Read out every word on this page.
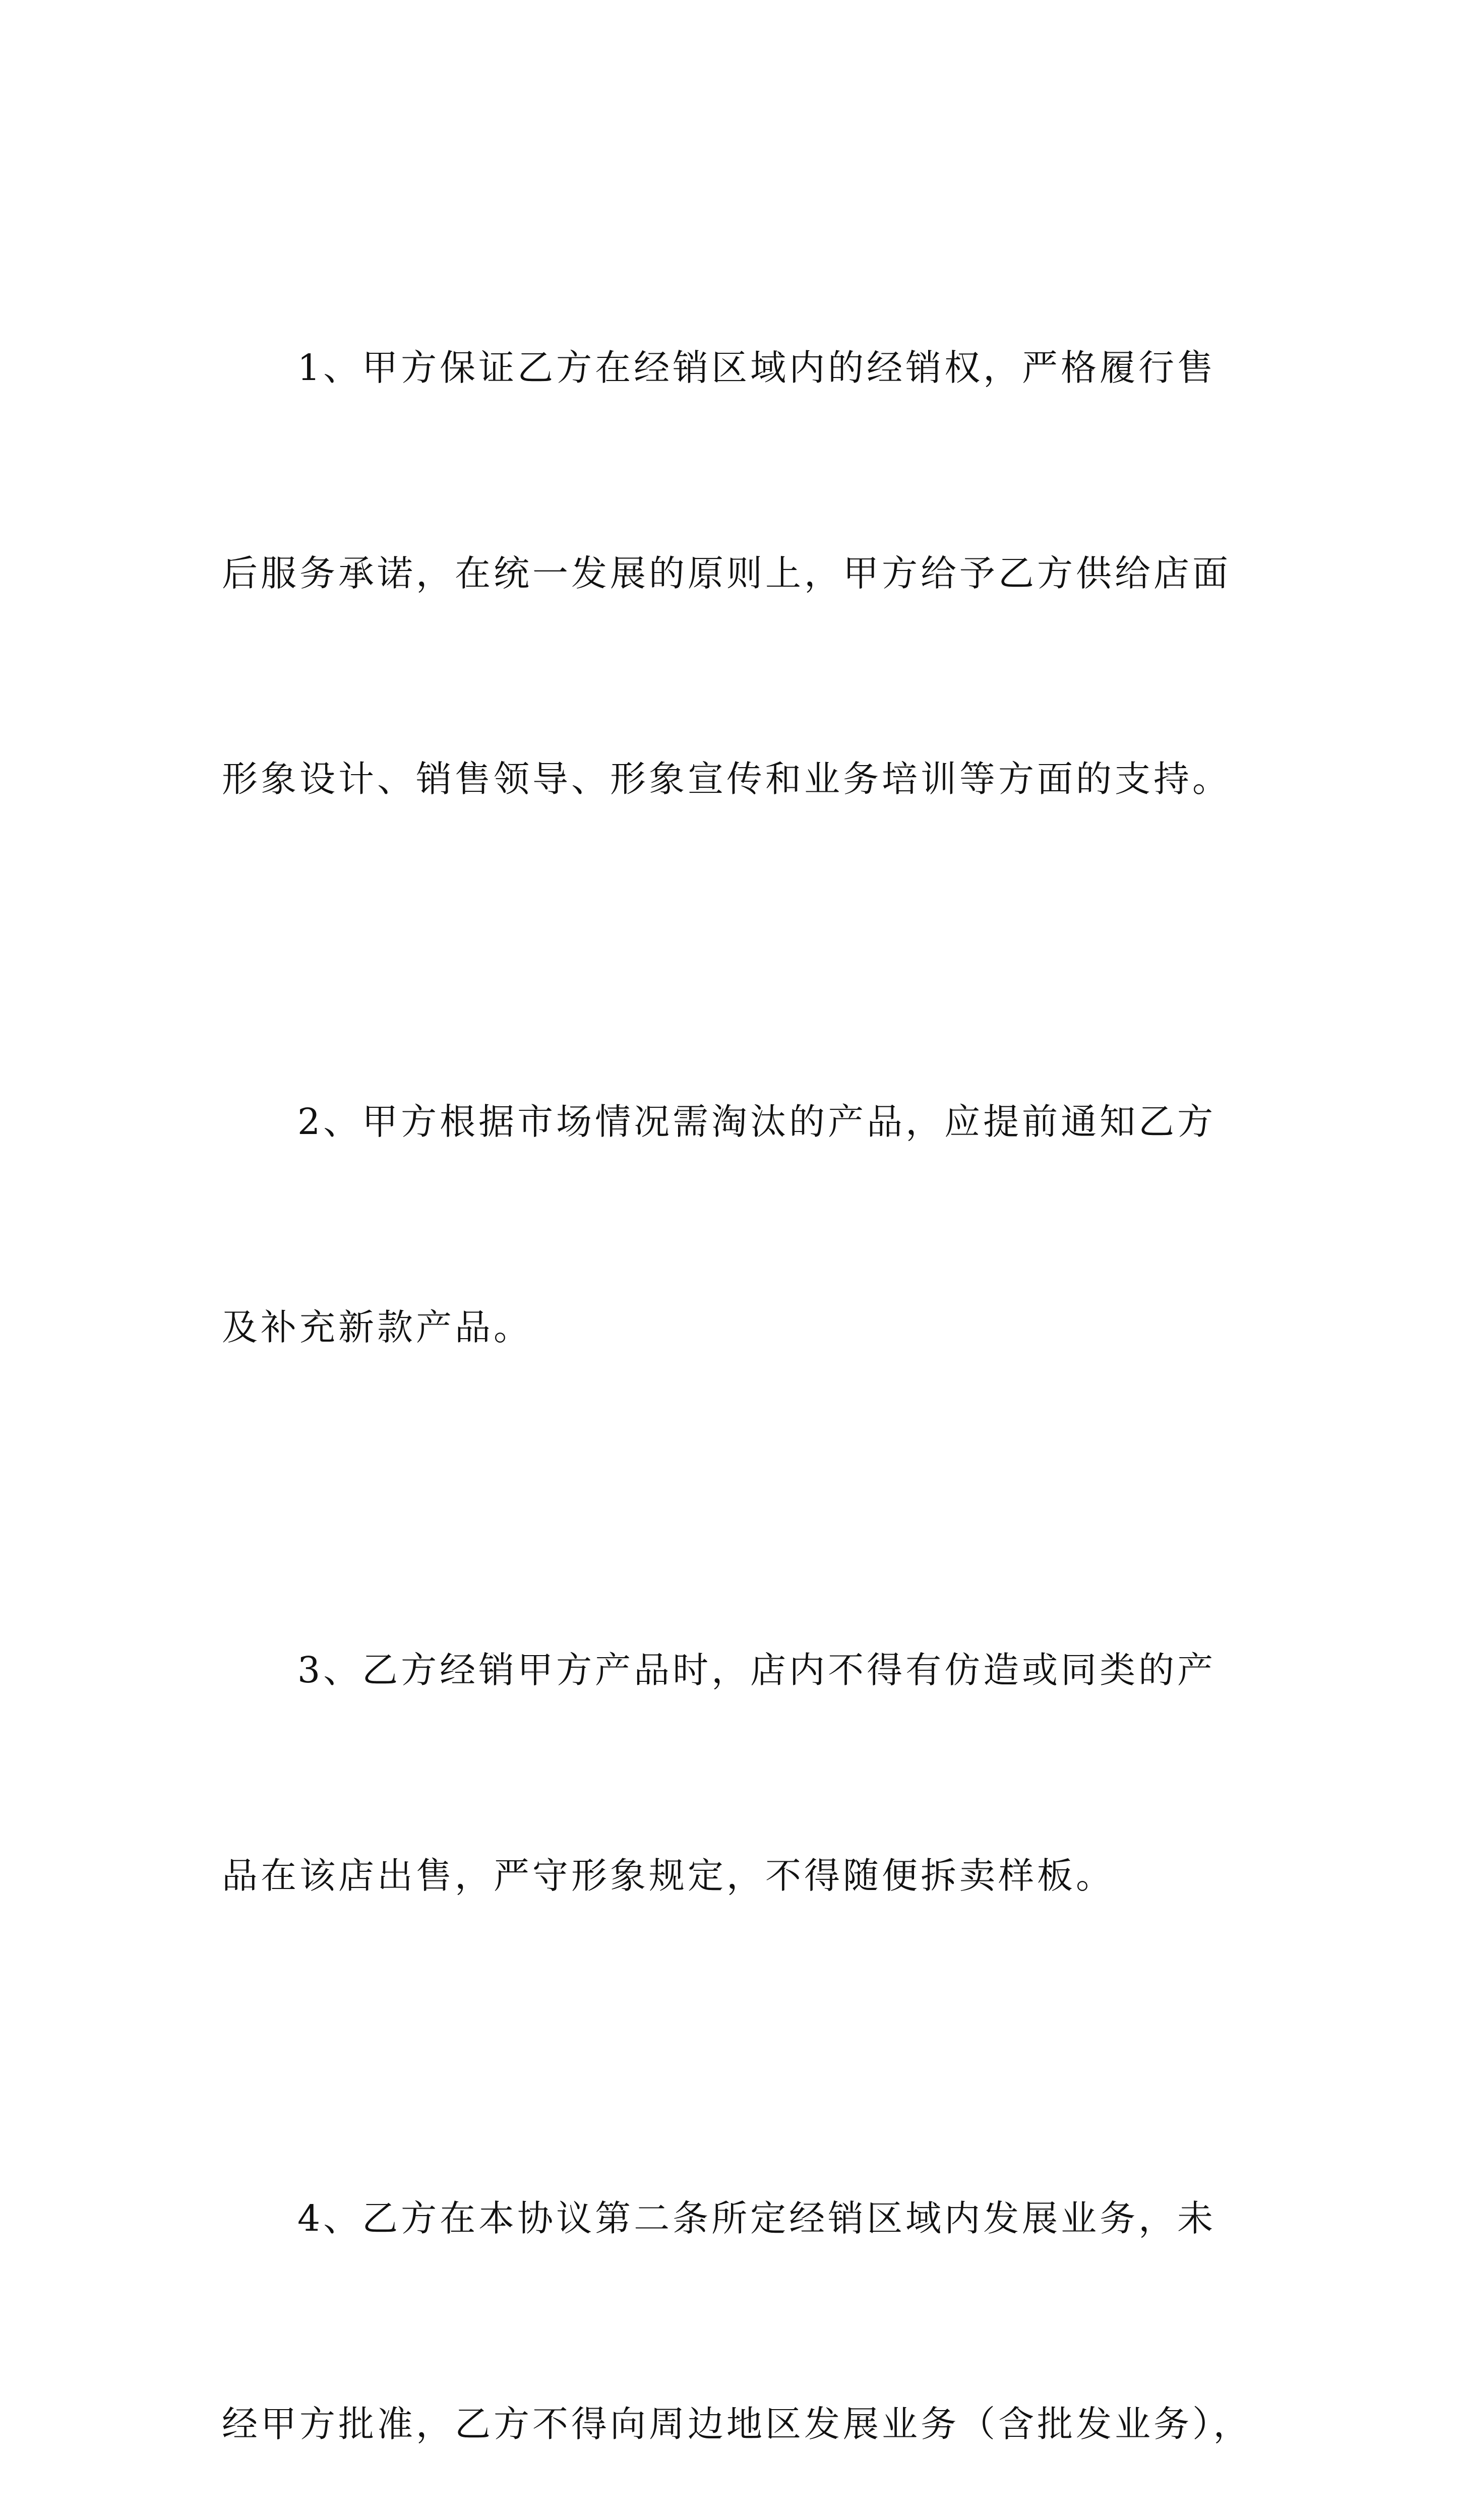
1、甲方保证乙方在经销区域内的经销权，严格履行售

后服务承诺，在统一发展的原则上，甲方给予乙方供给店面

形象设计、销售领导、形象宣传和业务培训等方面的支持。

2、甲方根据市场情况需淘汰的产品，应提前通知乙方

及补充新款产品。

3、乙方经销甲方产品时，店内不得有仿造或同类的产

品在该店出售，严守形象规定，不得随便拆卖样板。

4、乙方在本协议第二条所定经销区域内发展业务，未

经甲方批准，乙方不得向周边地区发展业务（含批发业务），
